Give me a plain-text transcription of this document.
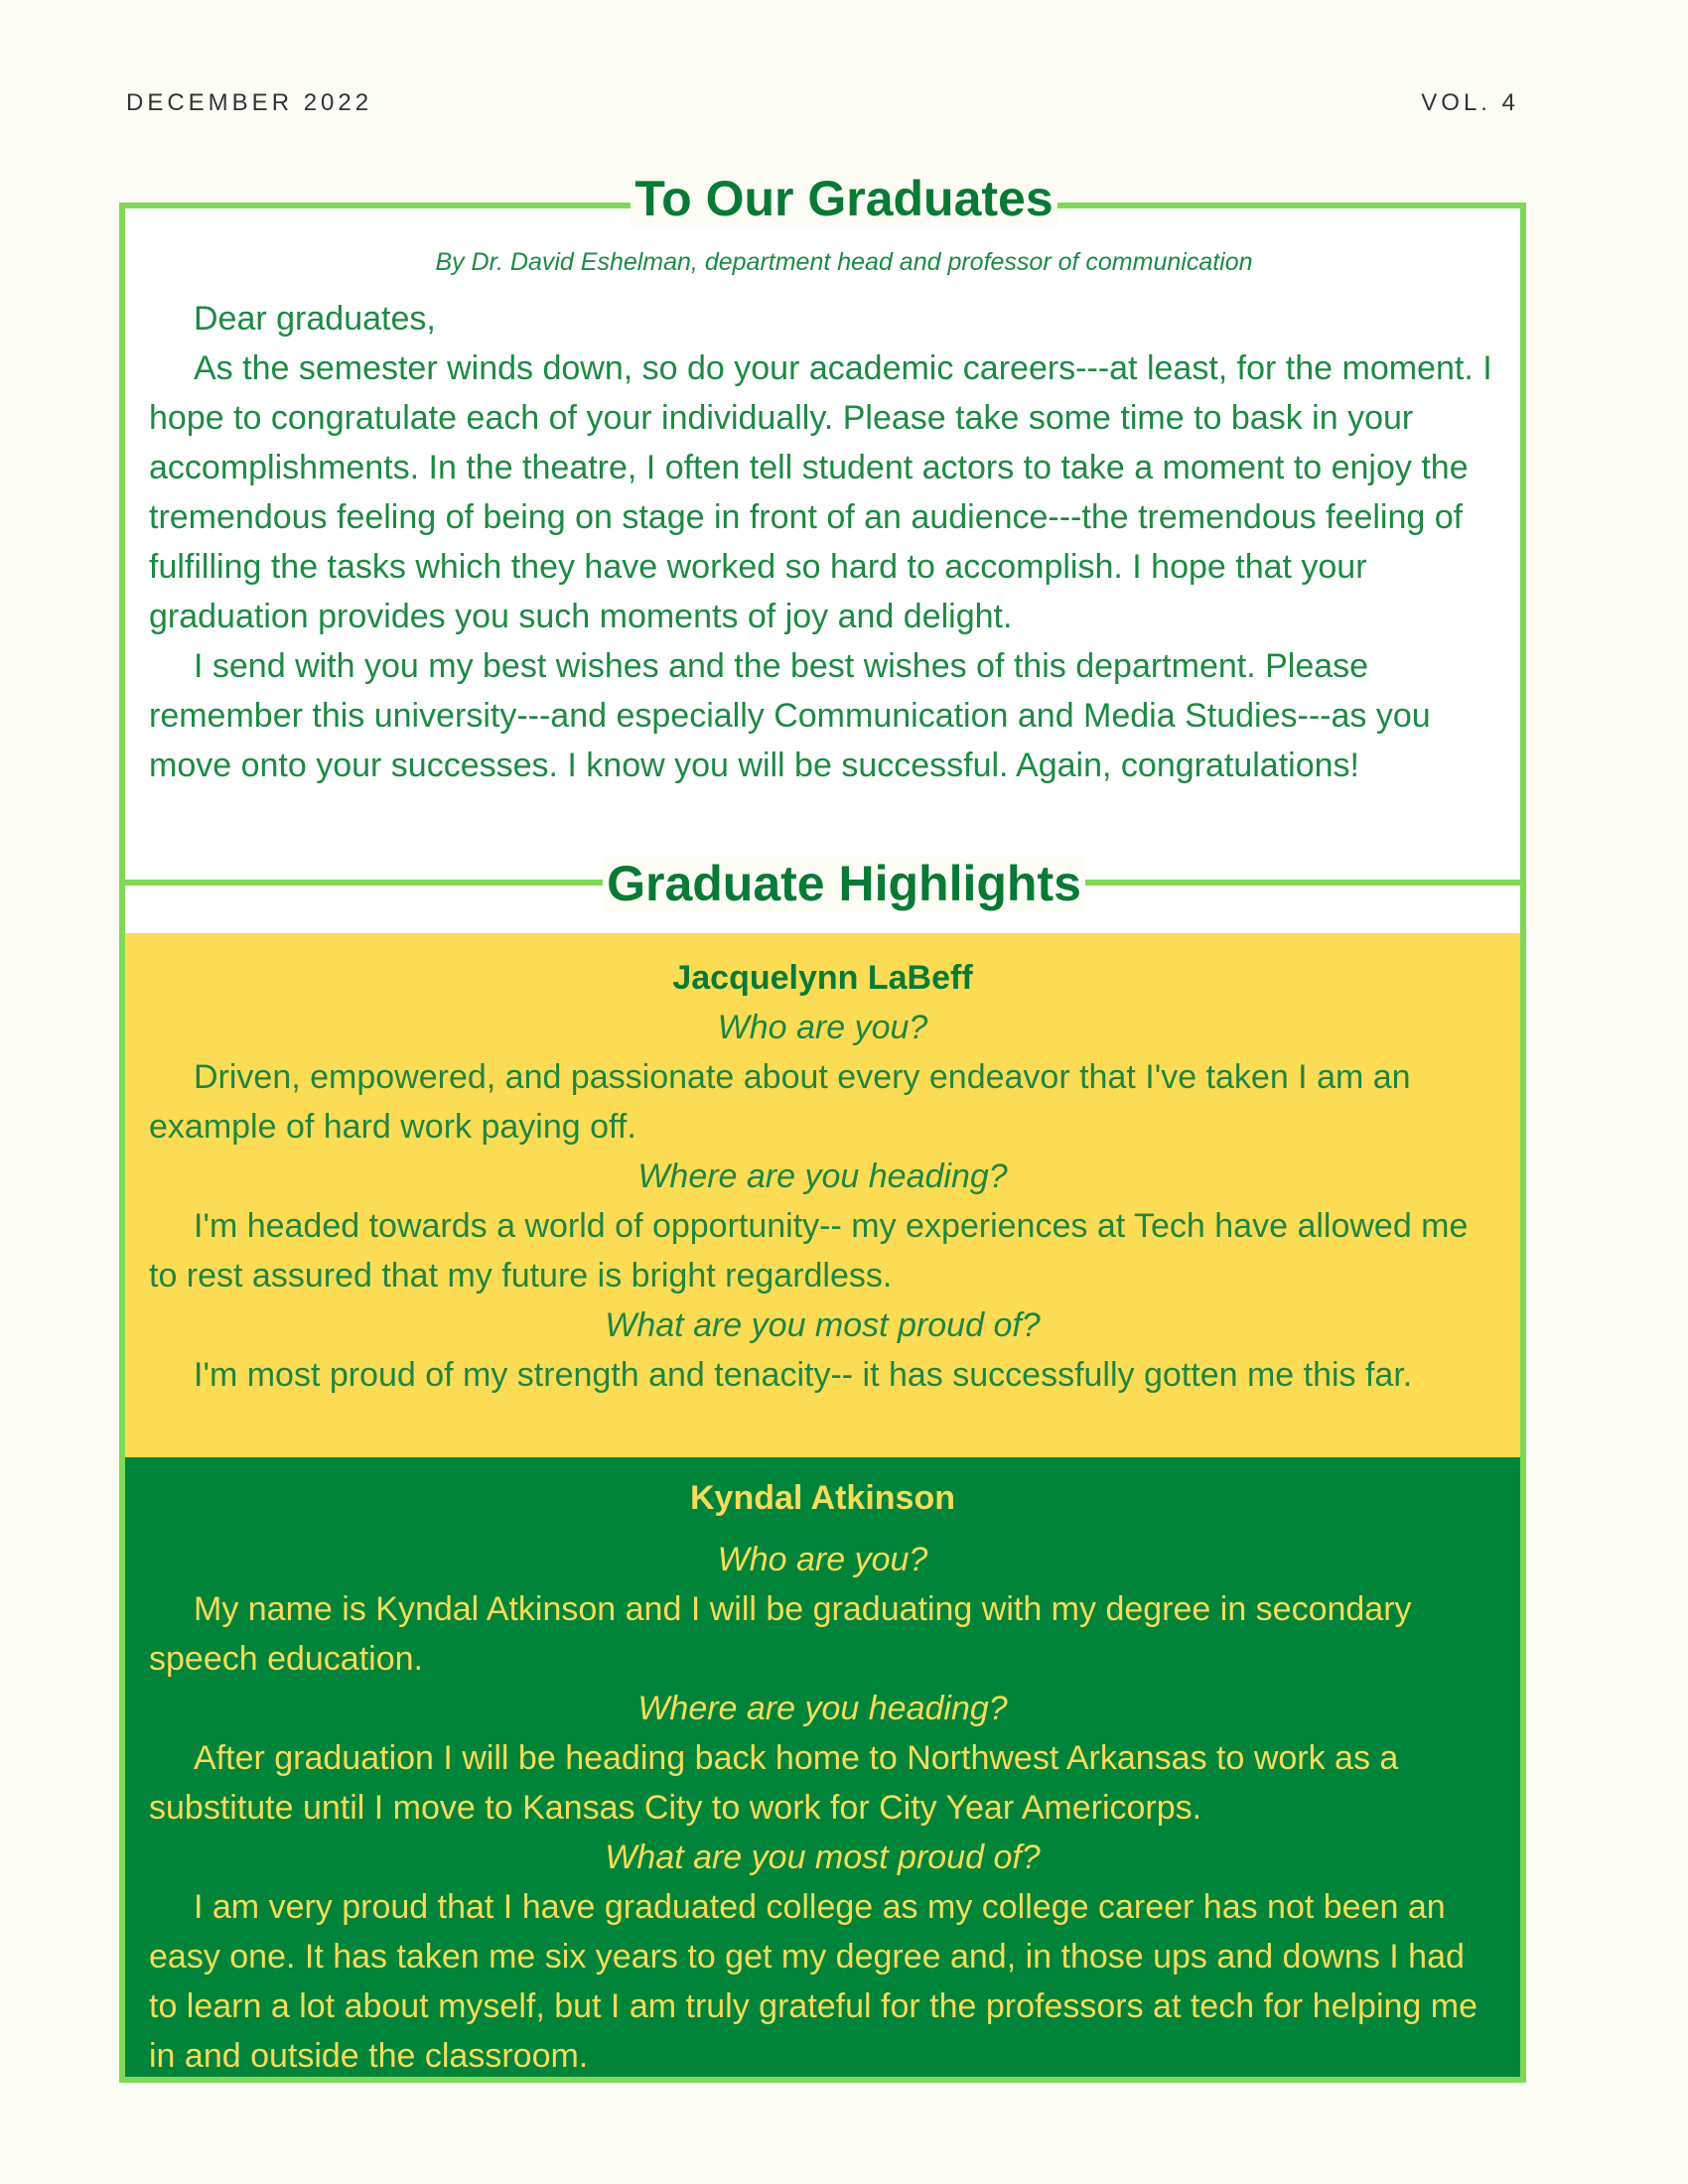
DECEMBER 2022	VOL. 4
To Our Graduates
By Dr. David Eshelman, department head and professor of communication

Dear graduates,

As the semester winds down, so do your academic careers---at least, for the moment. I hope to congratulate each of your individually. Please take some time to bask in your accomplishments. In the theatre, I often tell student actors to take a moment to enjoy the tremendous feeling of being on stage in front of an audience---the tremendous feeling of fulfilling the tasks which they have worked so hard to accomplish. I hope that your graduation provides you such moments of joy and delight.

I send with you my best wishes and the best wishes of this department. Please remember this university---and especially Communication and Media Studies---as you move onto your successes. I know you will be successful. Again, congratulations!

Graduate Highlights
Jacquelynn LaBeff
Who are you?

Driven, empowered, and passionate about every endeavor that I've taken I am an example of hard work paying off.

Where are you heading?

I'm headed towards a world of opportunity-- my experiences at Tech have allowed me to rest assured that my future is bright regardless.

What are you most proud of?

I'm most proud of my strength and tenacity-- it has successfully gotten me this far.

Kyndal Atkinson
Who are you?

My name is Kyndal Atkinson and I will be graduating with my degree in secondary speech education.

Where are you heading?

After graduation I will be heading back home to Northwest Arkansas to work as a substitute until I move to Kansas City to work for City Year Americorps.

What are you most proud of?

I am very proud that I have graduated college as my college career has not been an easy one. It has taken me six years to get my degree and, in those ups and downs I had to learn a lot about myself, but I am truly grateful for the professors at tech for helping me in and outside the classroom.
